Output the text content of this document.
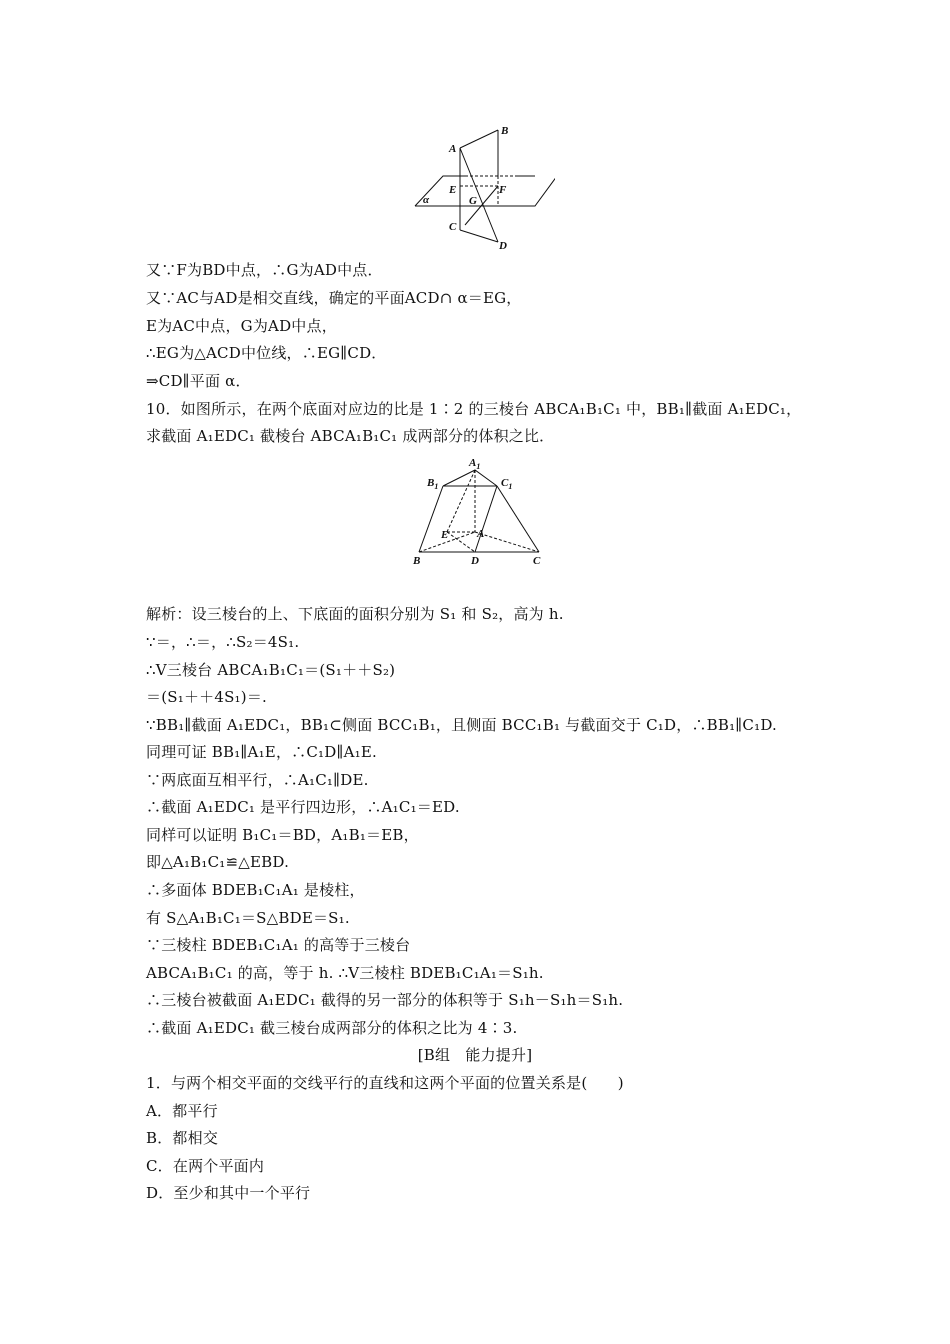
A
B
E	F
G
C
D
α
$A_1$
$B_1$	$C_1$
E	A
B	D	C
又∵F为BD中点，∴G为AD中点．
又∵AC与AD是相交直线，确定的平面ACD∩ α＝EG，
E为AC中点，G为AD中点，
∴EG为△ACD中位线，∴EG∥CD．
⇒CD∥平面 α．
10．如图所示，在两个底面对应边的比是 1∶2 的三棱台 ABCA₁B₁C₁ 中，BB₁∥截面 A₁EDC₁，
求截面 A₁EDC₁ 截棱台 ABCA₁B₁C₁ 成两部分的体积之比．
解析：设三棱台的上、下底面的面积分别为 S₁ 和 S₂，高为 h.
∵＝，∴＝，∴S₂＝4S₁.
∴V三棱台 ABCA₁B₁C₁＝(S₁＋＋S₂)
＝(S₁＋＋4S₁)＝.
∵BB₁∥截面 A₁EDC₁，BB₁⊂侧面 BCC₁B₁，且侧面 BCC₁B₁ 与截面交于 C₁D，∴BB₁∥C₁D.
同理可证 BB₁∥A₁E，∴C₁D∥A₁E.
∵两底面互相平行，∴A₁C₁∥DE.
∴截面 A₁EDC₁ 是平行四边形，∴A₁C₁＝ED.
同样可以证明 B₁C₁＝BD，A₁B₁＝EB，
即△A₁B₁C₁≌△EBD.
∴多面体 BDEB₁C₁A₁ 是棱柱，
有 S△A₁B₁C₁＝S△BDE＝S₁.
∵三棱柱 BDEB₁C₁A₁ 的高等于三棱台
ABCA₁B₁C₁ 的高，等于 h. ∴V三棱柱 BDEB₁C₁A₁＝S₁h.
∴三棱台被截面 A₁EDC₁ 截得的另一部分的体积等于 S₁h－S₁h＝S₁h.
∴截面 A₁EDC₁ 截三棱台成两部分的体积之比为 4∶3.
[B组　能力提升]
1．与两个相交平面的交线平行的直线和这两个平面的位置关系是(　　)
A．都平行
B．都相交
C．在两个平面内
D．至少和其中一个平行
